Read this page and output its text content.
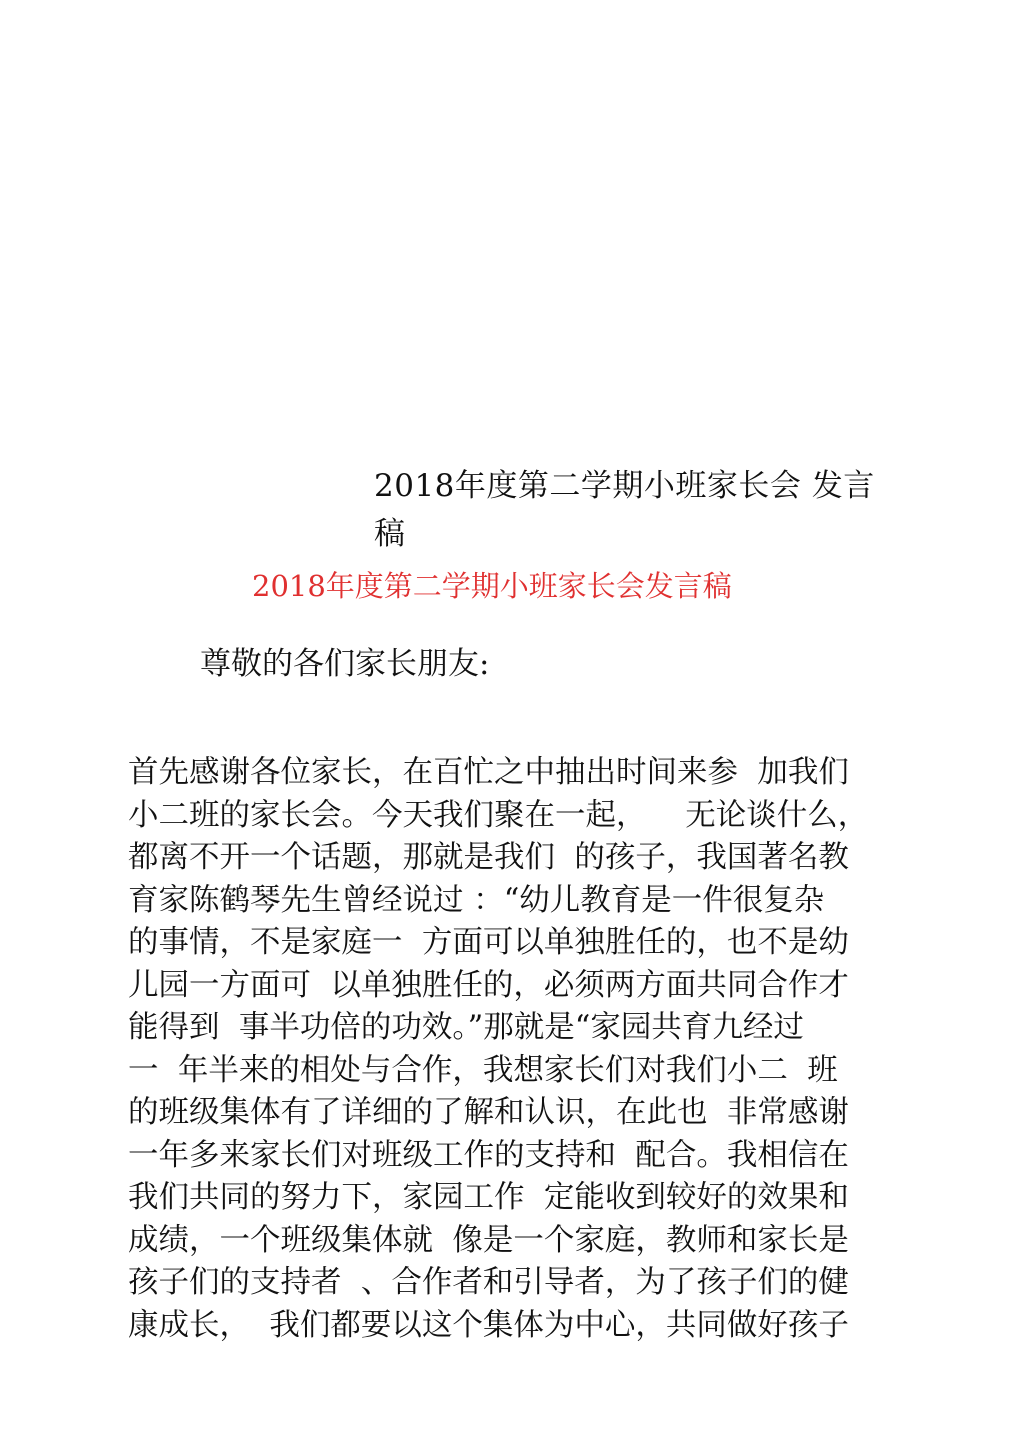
2018年度第二学期小班家长会 发言
稿
2018年度第二学期小班家长会发言稿

尊敬的各们家长朋友:

首先感谢各位家长，在百忙之中抽出时间来参  加我们
小二班的家长会。今天我们聚在一起，    无论谈什么，
都离不开一个话题，那就是我们  的孩子，我国著名教
育家陈鹤琴先生曾经说过 ：“幼儿教育是一件很复杂
的事情，不是家庭一  方面可以单独胜任的，也不是幼
儿园一方面可  以单独胜任的，必须两方面共同合作才
能得到  事半功倍的功效。”那就是“家园共育九经过
一  年半来的相处与合作，我想家长们对我们小二  班
的班级集体有了详细的了解和认识，在此也  非常感谢
一年多来家长们对班级工作的支持和  配合。我相信在
我们共同的努力下，家园工作  定能收到较好的效果和
成绩，一个班级集体就  像是一个家庭，教师和家长是
孩子们的支持者  、合作者和引导者，为了孩子们的健
康成长，  我们都要以这个集体为中心，共同做好孩子
